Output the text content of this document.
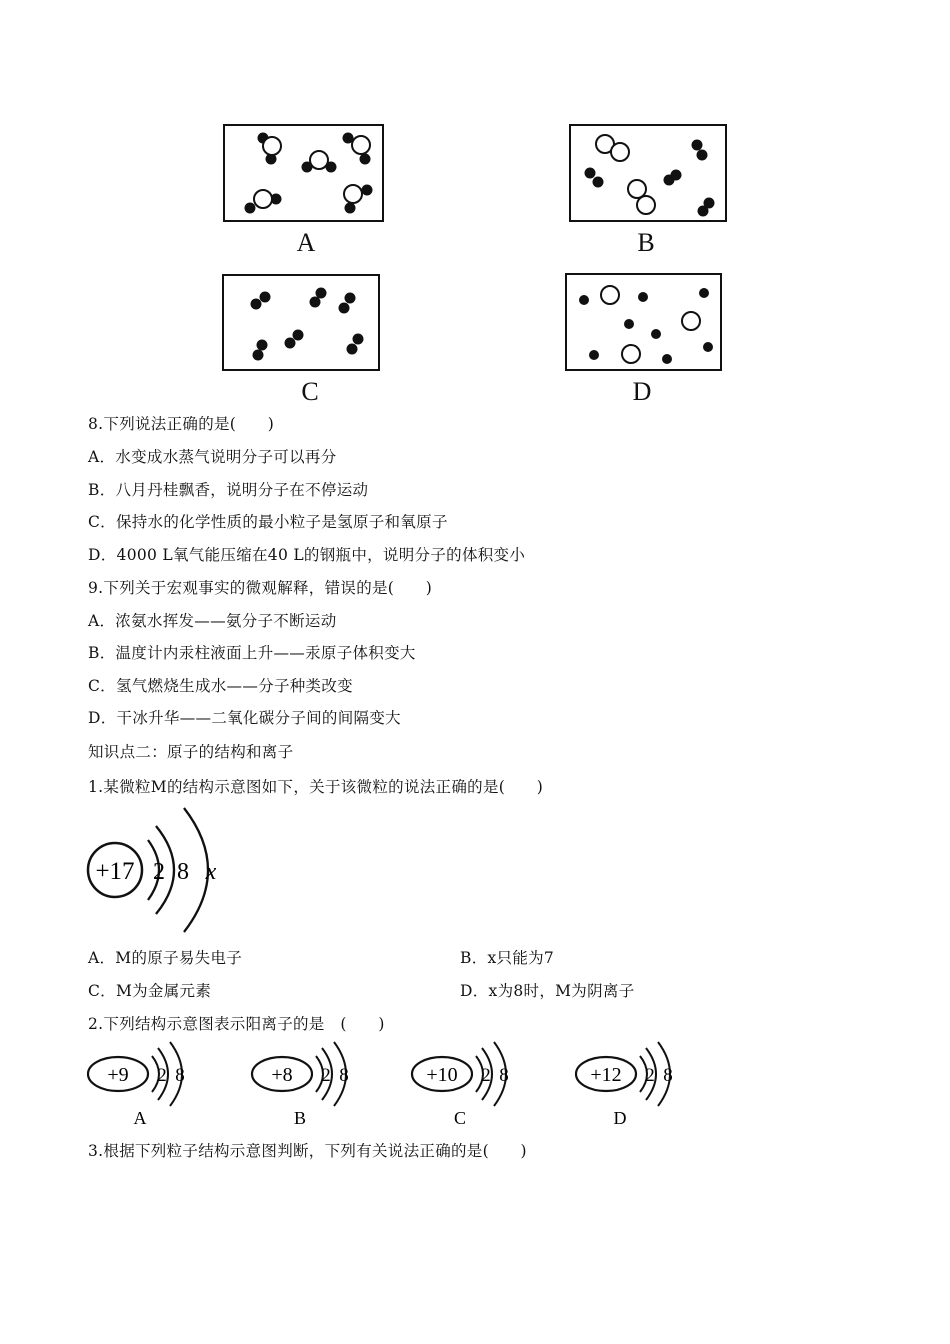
A	B
C	D
8.下列说法正确的是(　　)
A．水变成水蒸气说明分子可以再分
B．八月丹桂飘香，说明分子在不停运动
C．保持水的化学性质的最小粒子是氢原子和氧原子
D．4000 L氧气能压缩在40 L的钢瓶中，说明分子的体积变小
9.下列关于宏观事实的微观解释，错误的是(　　)
A．浓氨水挥发——氨分子不断运动
B．温度计内汞柱液面上升——汞原子体积变大
C．氢气燃烧生成水——分子种类改变
D．干冰升华——二氧化碳分子间的间隔变大
知识点二：原子的结构和离子
1.某微粒M的结构示意图如下，关于该微粒的说法正确的是(　　)
+17 2 8 x
A．M的原子易失电子	B．x只能为7
C．M为金属元素	D．x为8时，M为阴离子
2.下列结构示意图表示阳离子的是　(　　)
+9 2 8
A
+8 2 8
B
+10 2 8
C
+12 2 8
D
3.根据下列粒子结构示意图判断，下列有关说法正确的是(　　)
